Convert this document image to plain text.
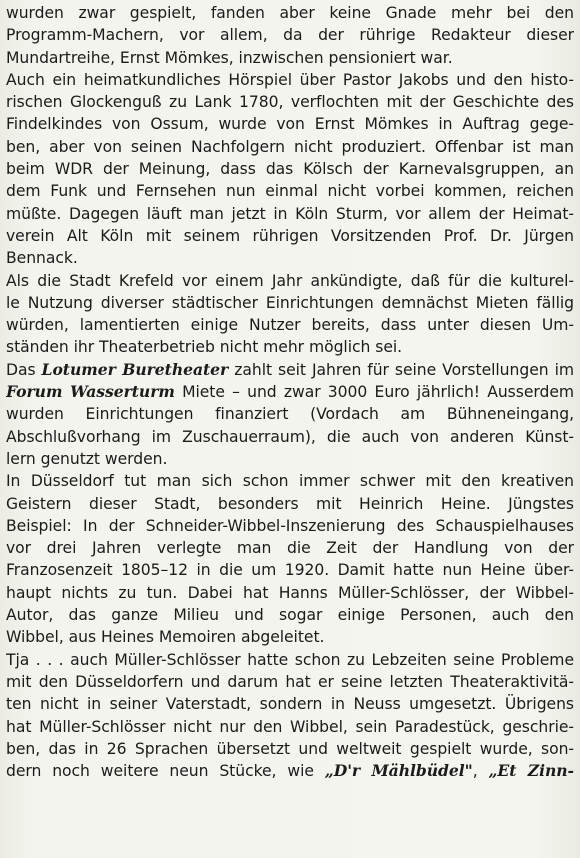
wurden zwar gespielt, fanden aber keine Gnade mehr bei den
Programm-Machern, vor allem, da der rührige Redakteur dieser
Mundartreihe, Ernst Mömkes, inzwischen pensioniert war.
Auch ein heimatkundliches Hörspiel über Pastor Jakobs und den histo-
rischen Glockenguß zu Lank 1780, verflochten mit der Geschichte des
Findelkindes von Ossum, wurde von Ernst Mömkes in Auftrag gege-
ben, aber von seinen Nachfolgern nicht produziert. Offenbar ist man
beim WDR der Meinung, dass das Kölsch der Karnevalsgruppen, an
dem Funk und Fernsehen nun einmal nicht vorbei kommen, reichen
müßte. Dagegen läuft man jetzt in Köln Sturm, vor allem der Heimat-
verein Alt Köln mit seinem rührigen Vorsitzenden Prof. Dr. Jürgen
Bennack.
Als die Stadt Krefeld vor einem Jahr ankündigte, daß für die kulturel-
le Nutzung diverser städtischer Einrichtungen demnächst Mieten fällig
würden, lamentierten einige Nutzer bereits, dass unter diesen Um-
ständen ihr Theaterbetrieb nicht mehr möglich sei.
Das Lotumer Buretheater zahlt seit Jahren für seine Vorstellungen im
Forum Wasserturm Miete – und zwar 3000 Euro jährlich! Ausserdem
wurden Einrichtungen finanziert (Vordach am Bühneneingang,
Abschlußvorhang im Zuschauerraum), die auch von anderen Künst-
lern genutzt werden.
In Düsseldorf tut man sich schon immer schwer mit den kreativen
Geistern dieser Stadt, besonders mit Heinrich Heine. Jüngstes
Beispiel: In der Schneider-Wibbel-Inszenierung des Schauspielhauses
vor drei Jahren verlegte man die Zeit der Handlung von der
Franzosenzeit 1805–12 in die um 1920. Damit hatte nun Heine über-
haupt nichts zu tun. Dabei hat Hanns Müller-Schlösser, der Wibbel-
Autor, das ganze Milieu und sogar einige Personen, auch den
Wibbel, aus Heines Memoiren abgeleitet.
Tja . . . auch Müller-Schlösser hatte schon zu Lebzeiten seine Probleme
mit den Düsseldorfern und darum hat er seine letzten Theateraktivitä-
ten nicht in seiner Vaterstadt, sondern in Neuss umgesetzt. Übrigens
hat Müller-Schlösser nicht nur den Wibbel, sein Paradestück, geschrie-
ben, das in 26 Sprachen übersetzt und weltweit gespielt wurde, son-
dern noch weitere neun Stücke, wie „D'r Mählbüdel", „Et Zinn-
